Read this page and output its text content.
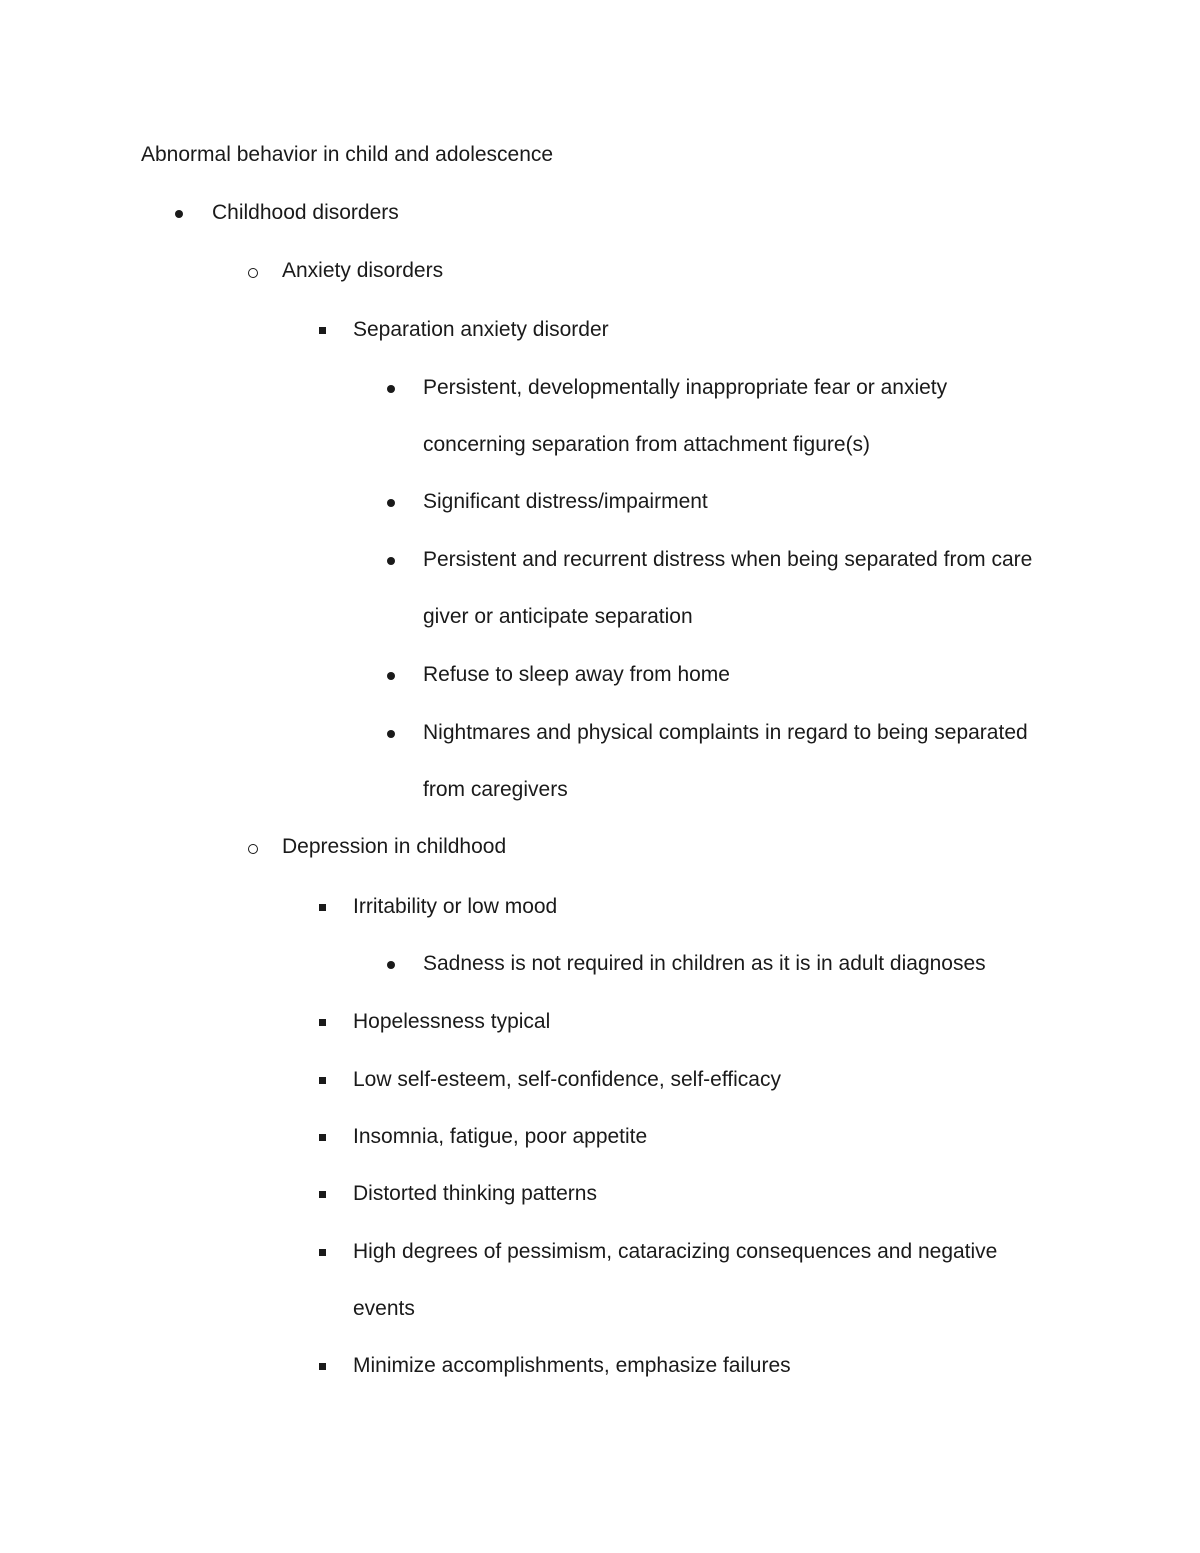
Abnormal behavior in child and adolescence
Childhood disorders
Anxiety disorders
Separation anxiety disorder
Persistent, developmentally inappropriate fear or anxiety
concerning separation from attachment figure(s)
Significant distress/impairment
Persistent and recurrent distress when being separated from care
giver or anticipate separation
Refuse to sleep away from home
Nightmares and physical complaints in regard to being separated
from caregivers
Depression in childhood
Irritability or low mood
Sadness is not required in children as it is in adult diagnoses
Hopelessness typical
Low self-esteem, self-confidence, self-efficacy
Insomnia, fatigue, poor appetite
Distorted thinking patterns
High degrees of pessimism, cataracizing consequences and negative
events
Minimize accomplishments, emphasize failures
